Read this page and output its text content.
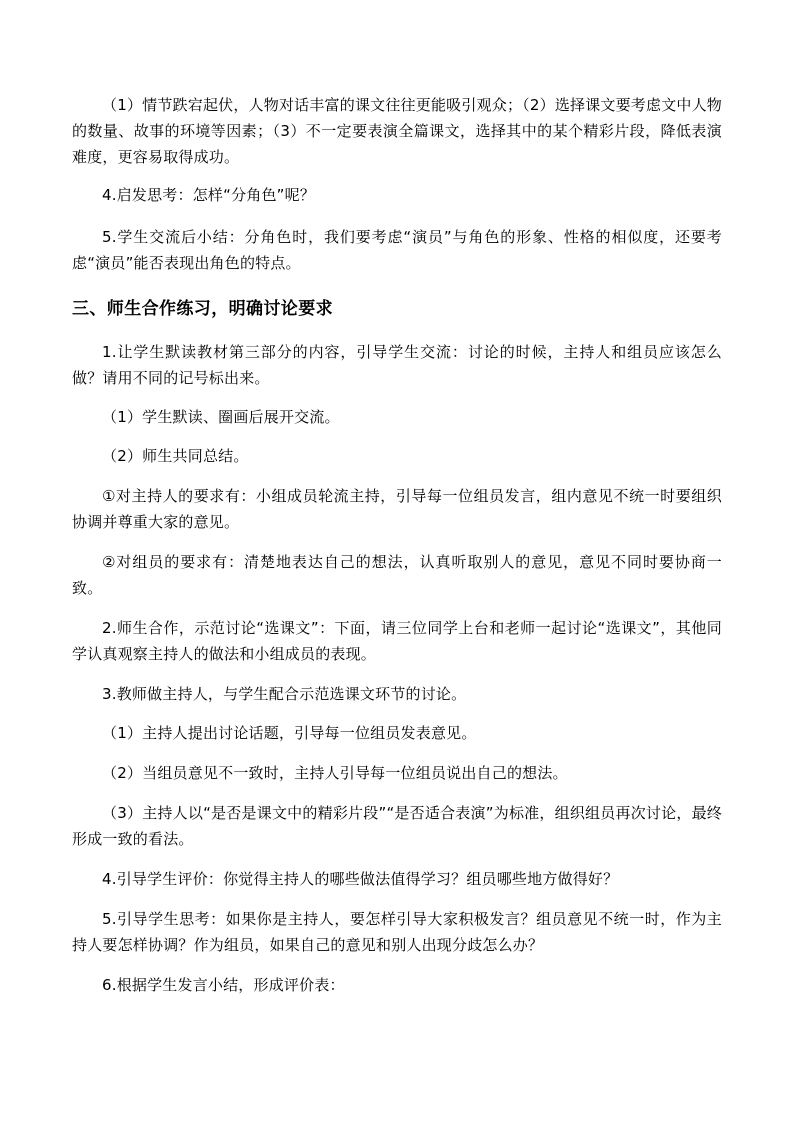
（1）情节跌宕起伏，人物对话丰富的课文往往更能吸引观众；（2）选择课文要考虑文中人物的数量、故事的环境等因素；（3）不一定要表演全篇课文，选择其中的某个精彩片段，降低表演难度，更容易取得成功。

4.启发思考：怎样“分角色”呢？

5.学生交流后小结：分角色时，我们要考虑“演员”与角色的形象、性格的相似度，还要考虑“演员”能否表现出角色的特点。

三、师生合作练习，明确讨论要求

1.让学生默读教材第三部分的内容，引导学生交流：讨论的时候，主持人和组员应该怎么做？请用不同的记号标出来。

（1）学生默读、圈画后展开交流。

（2）师生共同总结。

①对主持人的要求有：小组成员轮流主持，引导每一位组员发言，组内意见不统一时要组织协调并尊重大家的意见。

②对组员的要求有：清楚地表达自己的想法，认真听取别人的意见，意见不同时要协商一致。

2.师生合作，示范讨论“选课文”：下面，请三位同学上台和老师一起讨论“选课文”，其他同学认真观察主持人的做法和小组成员的表现。

3.教师做主持人，与学生配合示范选课文环节的讨论。

（1）主持人提出讨论话题，引导每一位组员发表意见。

（2）当组员意见不一致时，主持人引导每一位组员说出自己的想法。

（3）主持人以“是否是课文中的精彩片段”“是否适合表演”为标准，组织组员再次讨论，最终形成一致的看法。

4.引导学生评价：你觉得主持人的哪些做法值得学习？组员哪些地方做得好？

5.引导学生思考：如果你是主持人，要怎样引导大家积极发言？组员意见不统一时，作为主持人要怎样协调？作为组员，如果自己的意见和别人出现分歧怎么办？

6.根据学生发言小结，形成评价表：
